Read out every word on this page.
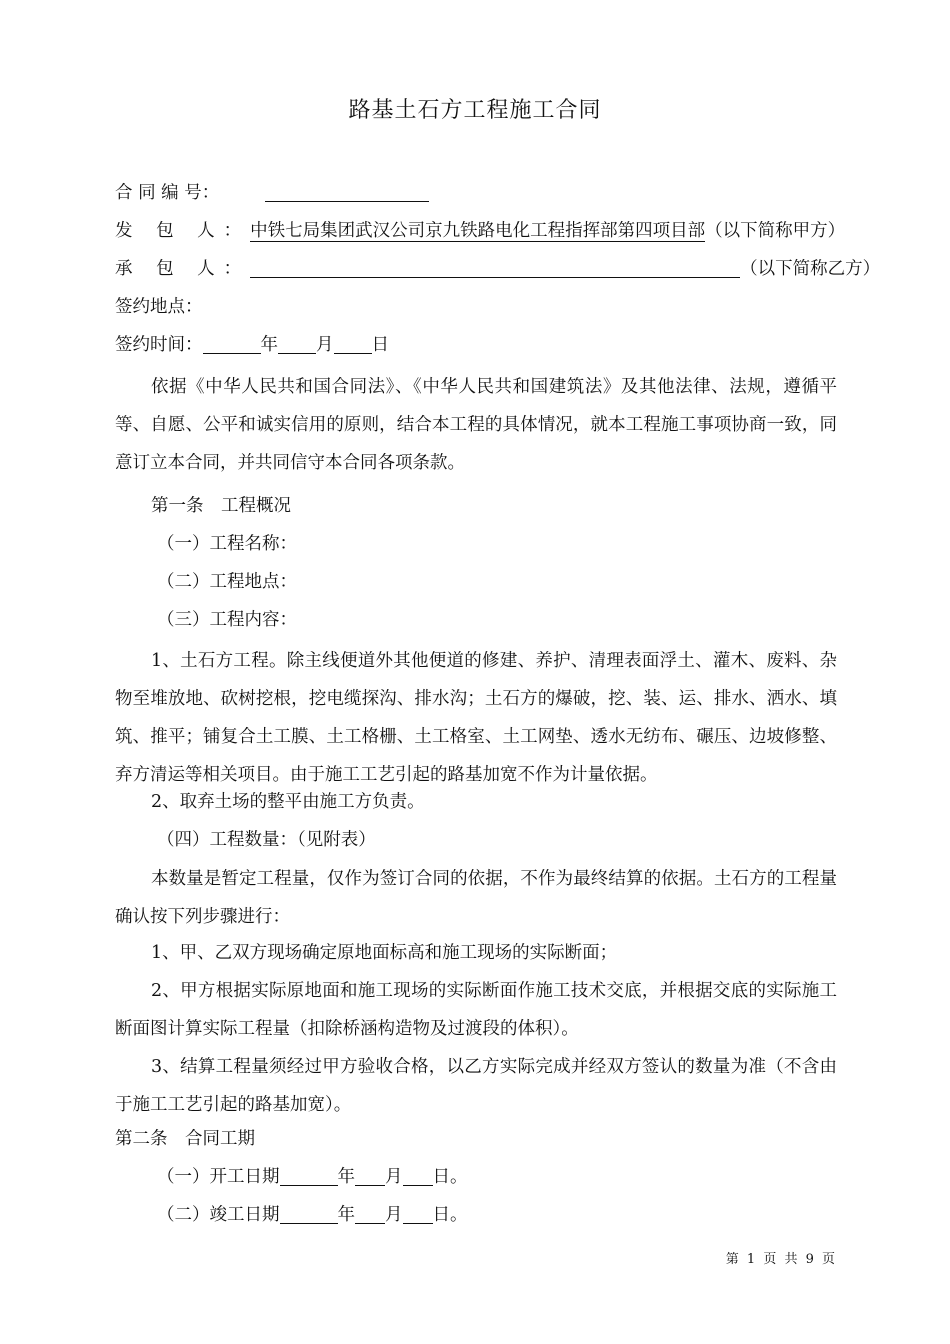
路基土石方工程施工合同
合 同 编 号：
发 包 人：中铁七局集团武汉公司京九铁路电化工程指挥部第四项目部（以下简称甲方）
承 包 人：	（以下简称乙方）
签约地点：
签约时间：	年 月 日
依据《中华人民共和国合同法》、《中华人民共和国建筑法》及其他法律、法规，遵循平等、自愿、公平和诚实信用的原则，结合本工程的具体情况，就本工程施工事项协商一致，同意订立本合同，并共同信守本合同各项条款。
第一条　工程概况
（一）工程名称：
（二）工程地点：
（三）工程内容：
1、土石方工程。除主线便道外其他便道的修建、养护、清理表面浮土、灌木、废料、杂物至堆放地、砍树挖根，挖电缆探沟、排水沟；土石方的爆破，挖、装、运、排水、洒水、填筑、推平；铺复合土工膜、土工格栅、土工格室、土工网垫、透水无纺布、碾压、边坡修整、弃方清运等相关项目。由于施工工艺引起的路基加宽不作为计量依据。
2、取弃土场的整平由施工方负责。
（四）工程数量：（见附表）
本数量是暂定工程量，仅作为签订合同的依据，不作为最终结算的依据。土石方的工程量确认按下列步骤进行：
1、甲、乙双方现场确定原地面标高和施工现场的实际断面；
2、甲方根据实际原地面和施工现场的实际断面作施工技术交底，并根据交底的实际施工断面图计算实际工程量（扣除桥涵构造物及过渡段的体积）。
3、结算工程量须经过甲方验收合格，以乙方实际完成并经双方签认的数量为准（不含由于施工工艺引起的路基加宽）。
第二条　合同工期
（一）开工日期	年 月 日。
（二）竣工日期	年 月 日。
第 1 页 共 9 页
